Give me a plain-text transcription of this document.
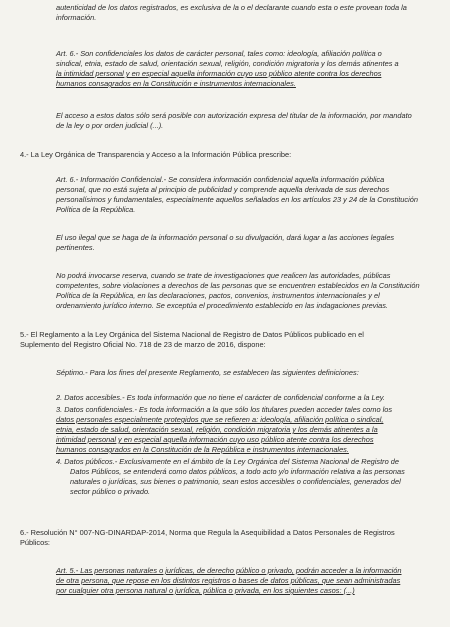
autenticidad de los datos registrados, es exclusiva de la o el declarante cuando esta o este provean toda la
información.
Art. 6.- Son confidenciales los datos de carácter personal, tales como: ideología, afiliación política o
sindical, etnia, estado de salud, orientación sexual, religión, condición migratoria y los demás atinentes a
la intimidad personal y en especial aquella información cuyo uso público atente contra los derechos
humanos consagrados en la Constitución e instrumentos internacionales.
El acceso a estos datos sólo será posible con autorización expresa del titular de la información, por mandato
de la ley o por orden judicial (...).
4.- La Ley Orgánica de Transparencia y Acceso a la Información Pública prescribe:
Art. 6.- Información Confidencial.- Se considera información confidencial aquella información pública
personal, que no está sujeta al principio de publicidad y comprende aquella derivada de sus derechos
personalísimos y fundamentales, especialmente aquellos señalados en los artículos 23 y 24 de la Constitución
Política de la República.
El uso ilegal que se haga de la información personal o su divulgación, dará lugar a las acciones legales
pertinentes.
No podrá invocarse reserva, cuando se trate de investigaciones que realicen las autoridades, públicas
competentes, sobre violaciones a derechos de las personas que se encuentren establecidos en la Constitución
Política de la República, en las declaraciones, pactos, convenios, instrumentos internacionales y el
ordenamiento jurídico interno. Se exceptúa el procedimiento establecido en las indagaciones previas.
5.- El Reglamento a la Ley Orgánica del Sistema Nacional de Registro de Datos Públicos publicado en el
Suplemento del Registro Oficial No. 718 de 23 de marzo de 2016, dispone:
Séptimo.- Para los fines del presente Reglamento, se establecen las siguientes definiciones:
2. Datos accesibles.- Es toda información que no tiene el carácter de confidencial conforme a la Ley.
3. Datos confidenciales.- Es toda información a la que sólo los titulares pueden acceder tales como los
datos personales especialmente protegidos que se refieren a: ideología, afiliación política o sindical,
etnia, estado de salud, orientación sexual, religión, condición migratoria y los demás atinentes a la
intimidad personal y en especial aquella información cuyo uso público atente contra los derechos
humanos consagrados en la Constitución de la República e instrumentos internacionales.
4. Datos públicos.- Exclusivamente en el ámbito de la Ley Orgánica del Sistema Nacional de Registro de
Datos Públicos, se entenderá como datos públicos, a todo acto y/o información relativa a las personas
naturales o jurídicas, sus bienes o patrimonio, sean estos accesibles o confidenciales, generados del
sector público o privado.
6.- Resolución N° 007-NG-DINARDAP-2014, Norma que Regula la Asequibilidad a Datos Personales de Registros
Públicos:
Art. 5.- Las personas naturales o jurídicas, de derecho público o privado, podrán acceder a la información
de otra persona, que repose en los distintos registros o bases de datos públicas, que sean administradas
por cualquier otra persona natural o jurídica, pública o privada, en los siguientes casos: (...)
